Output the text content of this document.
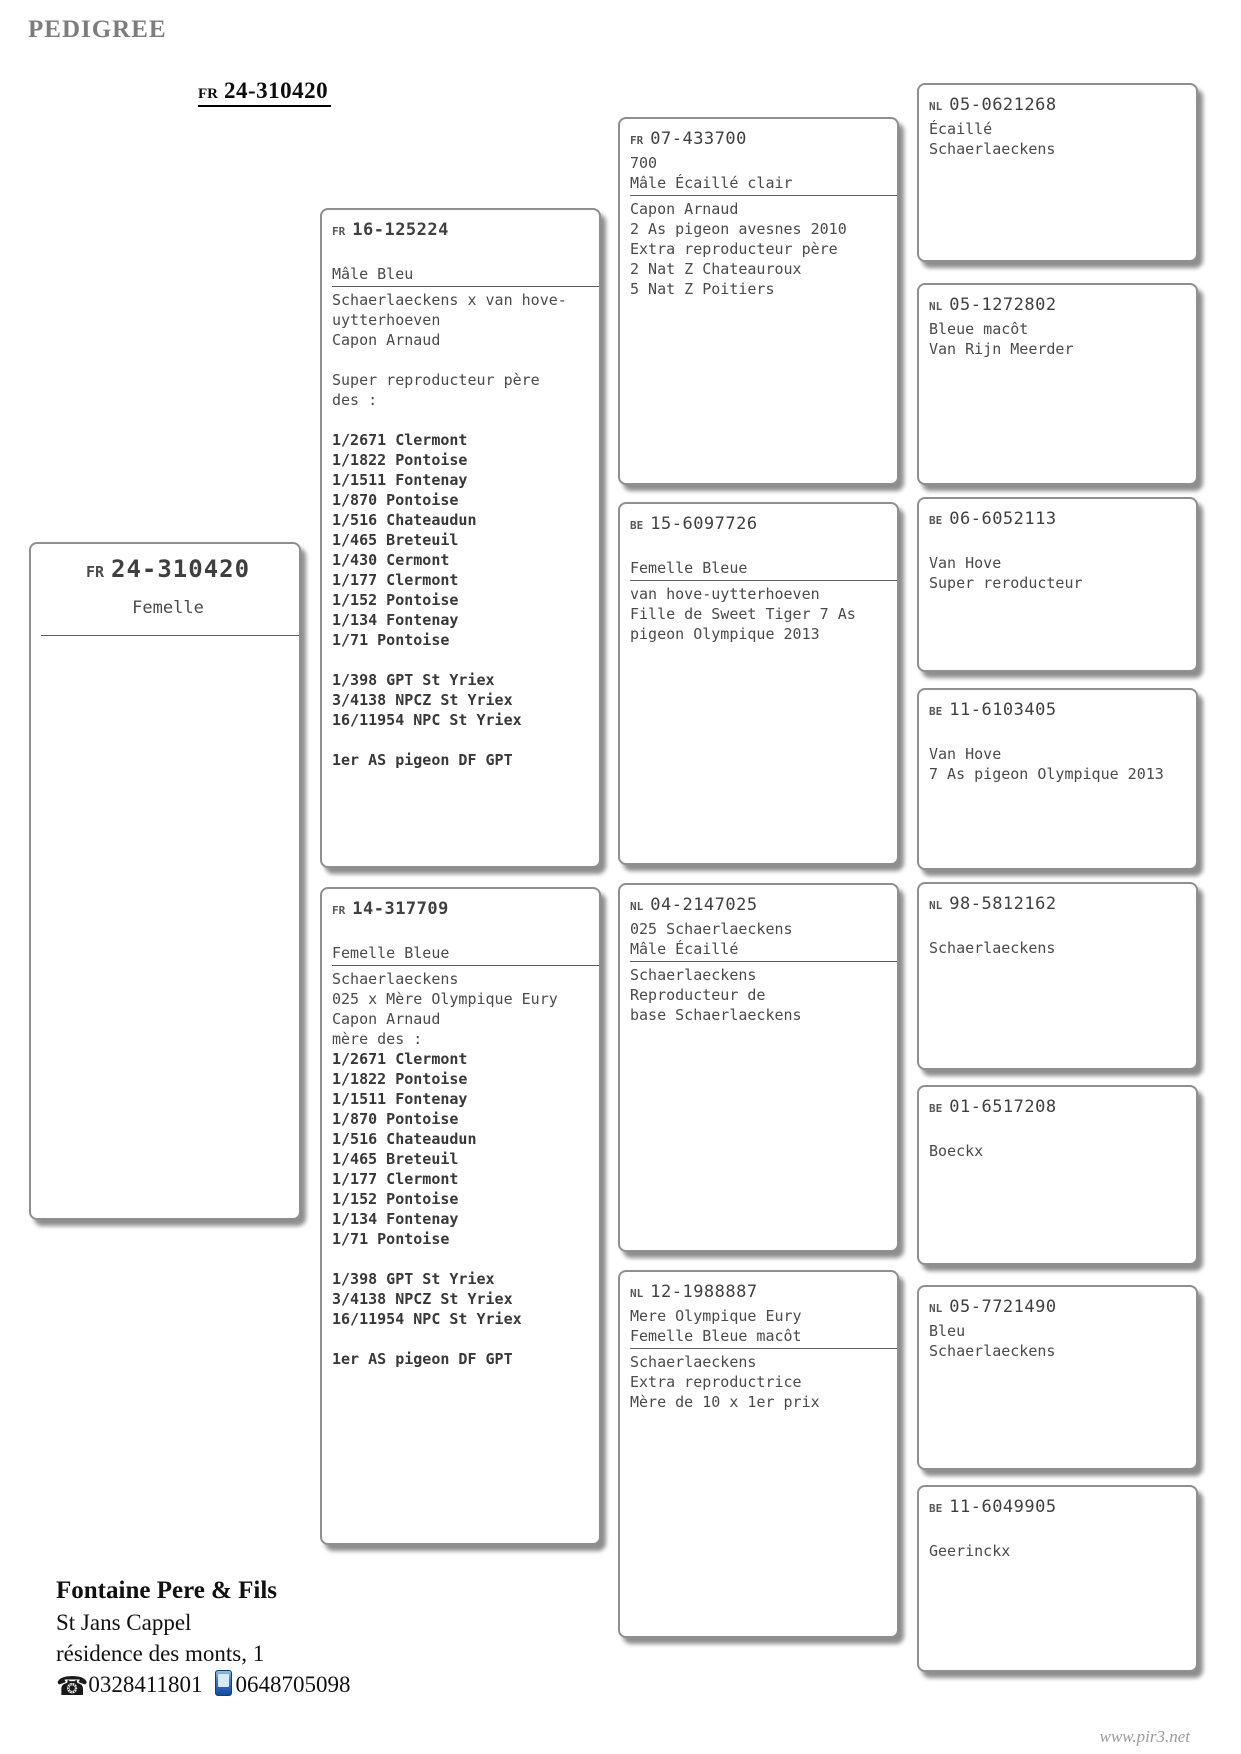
PEDIGREE
FR 24-310420
FR 24-310420
Femelle
FR 16-125224

Mâle Bleu
Schaerlaeckens x van hove-
uytterhoeven
Capon Arnaud

Super reproducteur père
des :

1/2671 Clermont
1/1822 Pontoise
1/1511 Fontenay
1/870 Pontoise
1/516 Chateaudun
1/465 Breteuil
1/430 Cermont
1/177 Clermont
1/152 Pontoise
1/134 Fontenay
1/71 Pontoise

1/398 GPT St Yriex
3/4138 NPCZ St Yriex
16/11954 NPC St Yriex

1er AS pigeon DF GPT
FR 14-317709

Femelle Bleue
Schaerlaeckens
025 x Mère Olympique Eury
Capon Arnaud
mère des :
1/2671 Clermont
1/1822 Pontoise
1/1511 Fontenay
1/870 Pontoise
1/516 Chateaudun
1/465 Breteuil
1/177 Clermont
1/152 Pontoise
1/134 Fontenay
1/71 Pontoise

1/398 GPT St Yriex
3/4138 NPCZ St Yriex
16/11954 NPC St Yriex

1er AS pigeon DF GPT
FR 07-433700
700
Mâle Écaillé clair
Capon Arnaud
2 As pigeon avesnes 2010
Extra reproducteur père
2 Nat Z Chateauroux
5 Nat Z Poitiers
BE 15-6097726

Femelle Bleue
van hove-uytterhoeven
Fille de Sweet Tiger 7 As
pigeon Olympique 2013
NL 04-2147025
025 Schaerlaeckens
Mâle Écaillé
Schaerlaeckens
Reproducteur de
base Schaerlaeckens
NL 12-1988887
Mere Olympique Eury
Femelle Bleue macôt
Schaerlaeckens
Extra reproductrice
Mère de 10 x 1er prix
NL 05-0621268
Écaillé
Schaerlaeckens
NL 05-1272802
Bleue macôt
Van Rijn Meerder
BE 06-6052113

Van Hove
Super reroducteur
BE 11-6103405

Van Hove
7 As pigeon Olympique 2013
NL 98-5812162

Schaerlaeckens
BE 01-6517208

Boeckx
NL 05-7721490
Bleu
Schaerlaeckens
BE 11-6049905

Geerinckx
Fontaine Pere & Fils
St Jans Cappel
résidence des monts, 1
☎0328411801 0648705098
www.pir3.net
